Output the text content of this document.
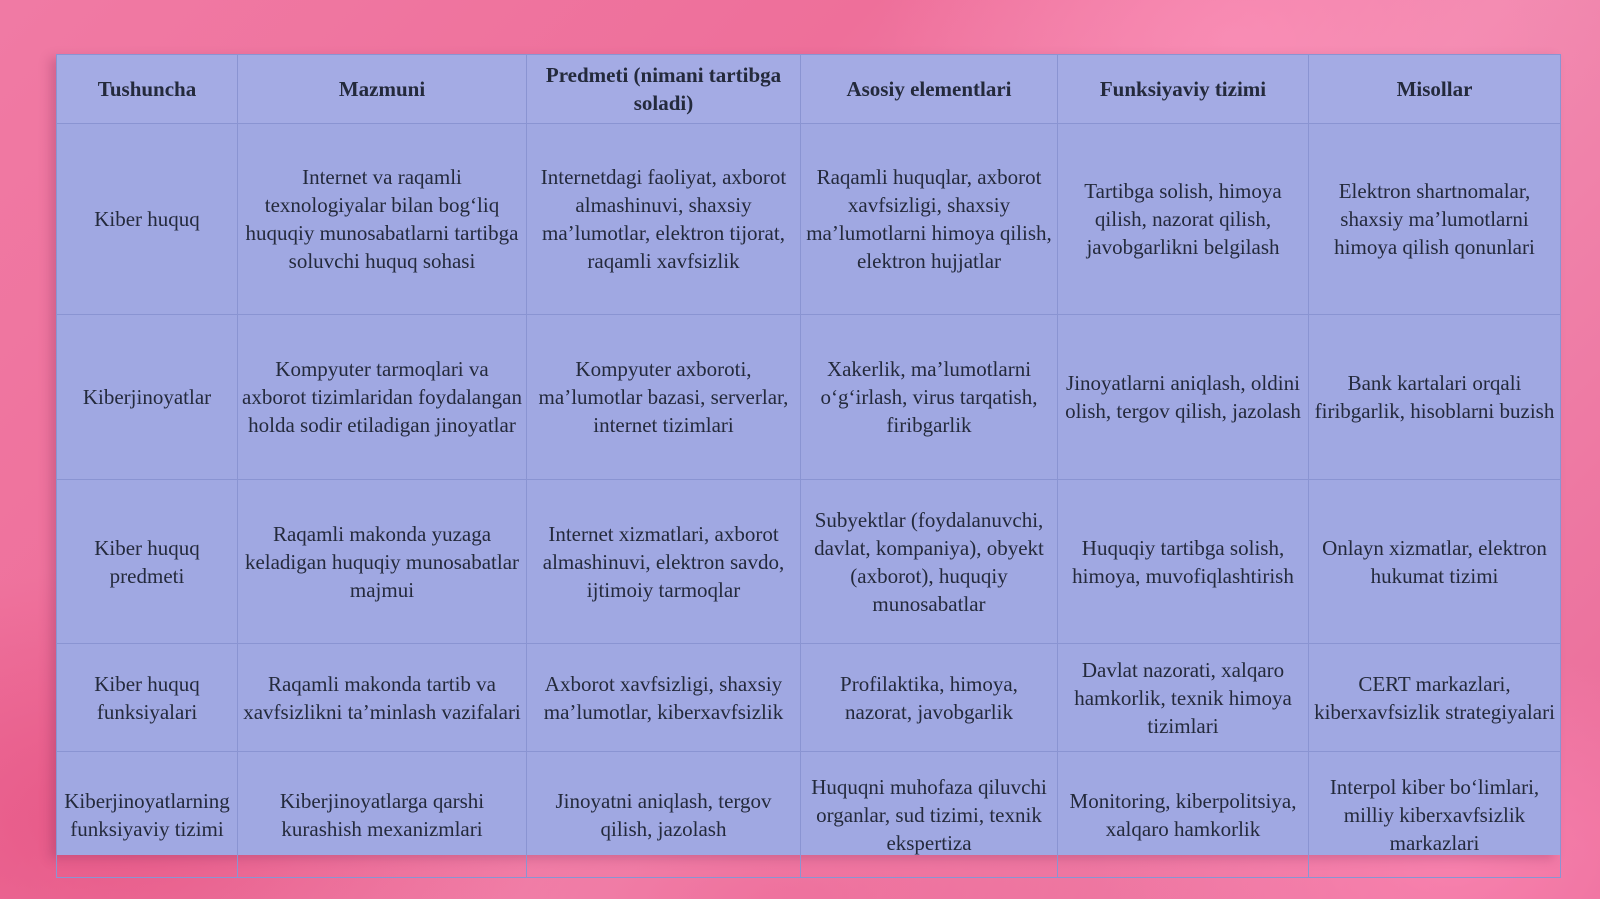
Tushuncha	Mazmuni	Predmeti (nimani tartibga soladi)	Asosiy elementlari	Funksiyaviy tizimi	Misollar
Kiber huquq	Internet va raqamli texnologiyalar bilan bog‘liq huquqiy munosabatlarni tartibga soluvchi huquq sohasi	Internetdagi faoliyat, axborot almashinuvi, shaxsiy ma’lumotlar, elektron tijorat, raqamli xavfsizlik	Raqamli huquqlar, axborot xavfsizligi, shaxsiy ma’lumotlarni himoya qilish, elektron hujjatlar	Tartibga solish, himoya qilish, nazorat qilish, javobgarlikni belgilash	Elektron shartnomalar, shaxsiy ma’lumotlarni himoya qilish qonunlari
Kiberjinoyatlar	Kompyuter tarmoqlari va axborot tizimlaridan foydalangan holda sodir etiladigan jinoyatlar	Kompyuter axboroti, ma’lumotlar bazasi, serverlar, internet tizimlari	Xakerlik, ma’lumotlarni o‘g‘irlash, virus tarqatish, firibgarlik	Jinoyatlarni aniqlash, oldini olish, tergov qilish, jazolash	Bank kartalari orqali firibgarlik, hisoblarni buzish
Kiber huquq predmeti	Raqamli makonda yuzaga keladigan huquqiy munosabatlar majmui	Internet xizmatlari, axborot almashinuvi, elektron savdo, ijtimoiy tarmoqlar	Subyektlar (foydalanuvchi, davlat, kompaniya), obyekt (axborot), huquqiy munosabatlar	Huquqiy tartibga solish, himoya, muvofiqlashtirish	Onlayn xizmatlar, elektron hukumat tizimi
Kiber huquq funksiyalari	Raqamli makonda tartib va xavfsizlikni ta’minlash vazifalari	Axborot xavfsizligi, shaxsiy ma’lumotlar, kiberxavfsizlik	Profilaktika, himoya, nazorat, javobgarlik	Davlat nazorati, xalqaro hamkorlik, texnik himoya tizimlari	CERT markazlari, kiberxavfsizlik strategiyalari
Kiberjinoyatlarning funksiyaviy tizimi	Kiberjinoyatlarga qarshi kurashish mexanizmlari	Jinoyatni aniqlash, tergov qilish, jazolash	Huquqni muhofaza qiluvchi organlar, sud tizimi, texnik ekspertiza	Monitoring, kiberpolitsiya, xalqaro hamkorlik	Interpol kiber bo‘limlari, milliy kiberxavfsizlik markazlari
